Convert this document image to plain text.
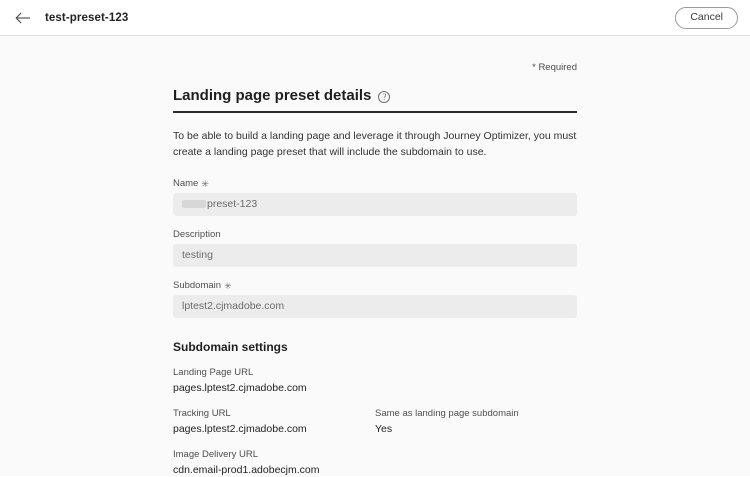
test-preset-123	Cancel
* Required
Landing page preset details	?
To be able to build a landing page and leverage it through Journey Optimizer, you must create a landing page preset that will include the subdomain to use.
Name ✳
preset-123
Description
testing
Subdomain ✳
lptest2.cjmadobe.com
Subdomain settings
Landing Page URL
pages.lptest2.cjmadobe.com
Tracking URL
pages.lptest2.cjmadobe.com
Same as landing page subdomain
Yes
Image Delivery URL
cdn.email-prod1.adobecjm.com
